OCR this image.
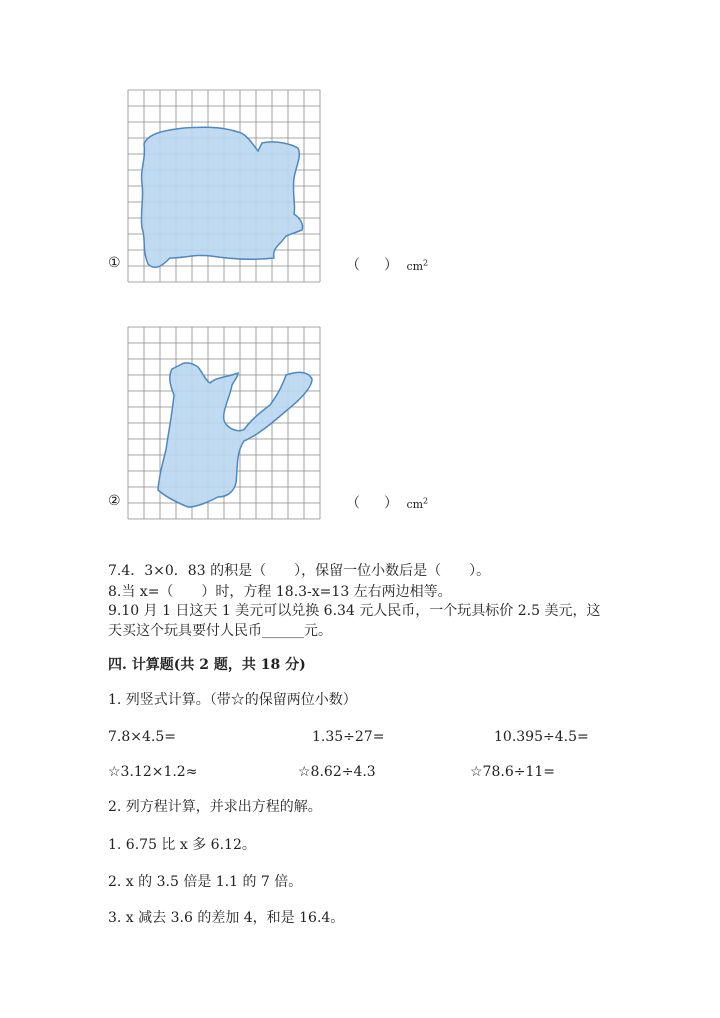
①	（ ） $cm^2$
②	（ ） $cm^2$
7.4．3×0．83 的积是（　　），保留一位小数后是（　　）。
8.当 x=（　　）时，方程 18.3-x=13 左右两边相等。
9.10 月 1 日这天 1 美元可以兑换 6.34 元人民币，一个玩具标价 2.5 美元，这
天买这个玩具要付人民币______元。
四. 计算题(共 2 题，共 18 分)
1. 列竖式计算。（带☆的保留两位小数）
7.8×4.5=	1.35÷27=	10.395÷4.5=
☆3.12×1.2≈	☆8.62÷4.3	☆78.6÷11=
2. 列方程计算，并求出方程的解。
1. 6.75 比 x 多 6.12。
2. x 的 3.5 倍是 1.1 的 7 倍。
3. x 减去 3.6 的差加 4，和是 16.4。
